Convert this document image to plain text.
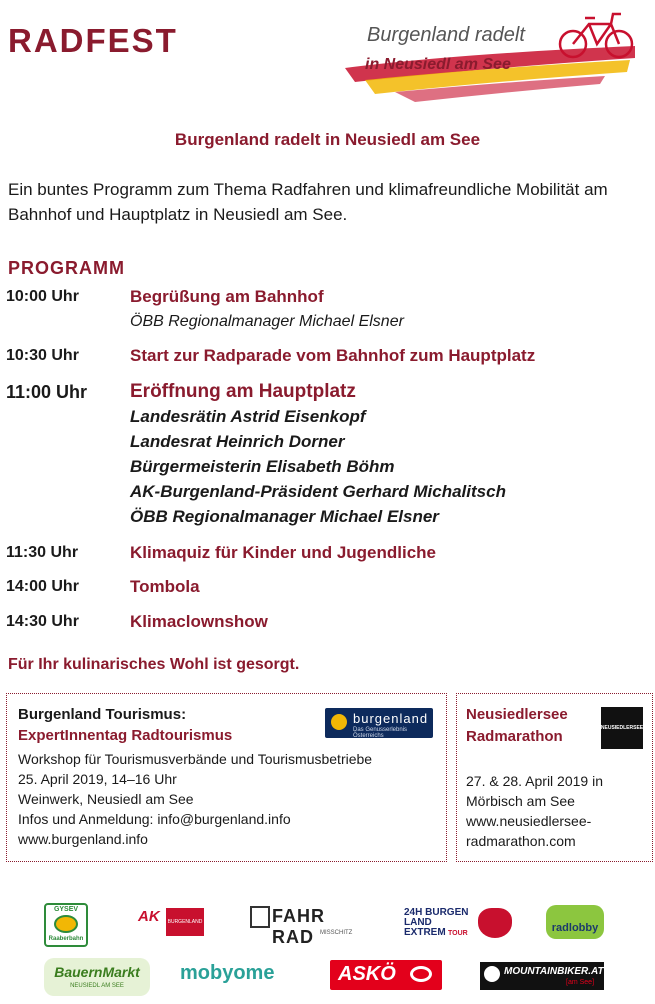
RADFEST	Burgenland radelt
in Neusiedl am See
Burgenland radelt in Neusiedl am See
Ein buntes Programm zum Thema Radfahren und klimafreundliche Mobilität am Bahnhof und Hauptplatz in Neusiedl am See.
PROGRAMM
10:00 Uhr	Begrüßung am Bahnhof
ÖBB Regionalmanager Michael Elsner
10:30 Uhr	Start zur Radparade vom Bahnhof zum Hauptplatz
11:00 Uhr Eröffnung am Hauptplatz
Landesrätin Astrid Eisenkopf
Landesrat Heinrich Dorner
Bürgermeisterin Elisabeth Böhm
AK-Burgenland-Präsident Gerhard Michalitsch
ÖBB Regionalmanager Michael Elsner
11:30 Uhr	Klimaquiz für Kinder und Jugendliche
14:00 Uhr	Tombola
14:30 Uhr	Klimaclownshow
Für Ihr kulinarisches Wohl ist gesorgt.
Burgenland Tourismus:
ExpertInnentag Radtourismus
burgenland
Das Genusserlebnis Österreichs
Workshop für Tourismusverbände und Tourismusbetriebe
25. April 2019, 14–16 Uhr
Weinwerk, Neusiedl am See
Infos und Anmeldung: info@burgenland.info
www.burgenland.info
Neusiedlersee
Radmarathon	NEUSIEDLERSEE
27. & 28. April 2019 in
Mörbisch am See
www.neusiedlersee-
radmarathon.com
GYSEV
Raaberbahn
AK	BURGENLAND	FAHR RAD	MISSCHITZ
24H BURGEN LAND EXTREM TOUR	radlobby
BauernMarkt
NEUSIEDL AM SEE
mobyome	ASKÖ	MOUNTAINBIKER.AT
[am See]
